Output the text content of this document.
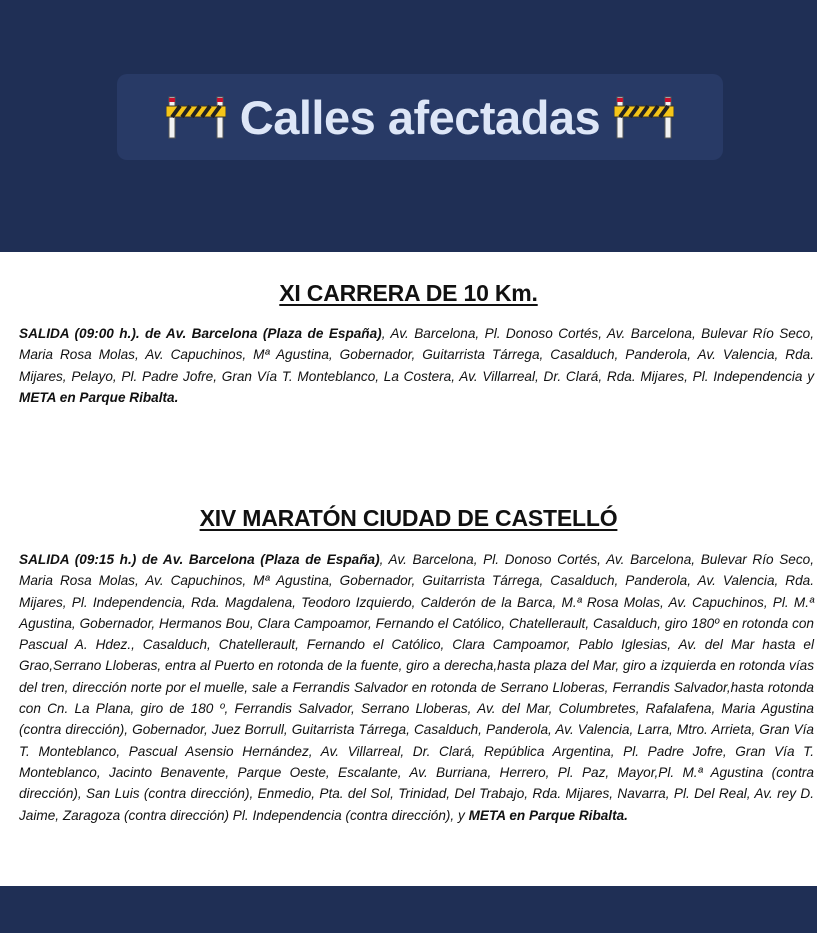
Calles afectadas
XI CARRERA DE 10 Km.

SALIDA (09:00 h.). de Av. Barcelona (Plaza de España), Av. Barcelona, Pl. Donoso Cortés, Av. Barcelona, Bulevar Río Seco, Maria Rosa Molas, Av. Capuchinos, Mª Agustina, Gobernador, Guitarrista Tárrega, Casalduch, Panderola, Av. Valencia, Rda. Mijares, Pelayo, Pl. Padre Jofre, Gran Vía T. Monteblanco, La Costera, Av. Villarreal, Dr. Clará, Rda. Mijares, Pl. Independencia y META en Parque Ribalta.

XIV MARATÓN CIUDAD DE CASTELLÓ

SALIDA (09:15 h.) de Av. Barcelona (Plaza de España), Av. Barcelona, Pl. Donoso Cortés, Av. Barcelona, Bulevar Río Seco, Maria Rosa Molas, Av. Capuchinos, Mª Agustina, Gobernador, Guitarrista Tárrega, Casalduch, Panderola, Av. Valencia, Rda. Mijares, Pl. Independencia, Rda. Magdalena, Teodoro Izquierdo, Calderón de la Barca, M.ª Rosa Molas, Av. Capuchinos, Pl. M.ª Agustina, Gobernador, Hermanos Bou, Clara Campoamor, Fernando el Católico, Chatellerault, Casalduch, giro 180º en rotonda con Pascual A. Hdez., Casalduch, Chatellerault, Fernando el Católico, Clara Campoamor, Pablo Iglesias, Av. del Mar hasta el Grao,Serrano Lloberas, entra al Puerto en rotonda de la fuente, giro a derecha,hasta plaza del Mar, giro a izquierda en rotonda vías del tren, dirección norte por el muelle, sale a Ferrandis Salvador en rotonda de Serrano Lloberas, Ferrandis Salvador,hasta rotonda con Cn. La Plana, giro de 180 º, Ferrandis Salvador, Serrano Lloberas, Av. del Mar, Columbretes, Rafalafena, Maria Agustina (contra dirección), Gobernador, Juez Borrull, Guitarrista Tárrega, Casalduch, Panderola, Av. Valencia, Larra, Mtro. Arrieta, Gran Vía T. Monteblanco, Pascual Asensio Hernández, Av. Villarreal, Dr. Clará, República Argentina, Pl. Padre Jofre, Gran Vía T. Monteblanco, Jacinto Benavente, Parque Oeste, Escalante, Av. Burriana, Herrero, Pl. Paz, Mayor,Pl. M.ª Agustina (contra dirección), San Luis (contra dirección), Enmedio, Pta. del Sol, Trinidad, Del Trabajo, Rda. Mijares, Navarra, Pl. Del Real, Av. rey D. Jaime, Zaragoza (contra dirección) Pl. Independencia (contra dirección), y META en Parque Ribalta.
